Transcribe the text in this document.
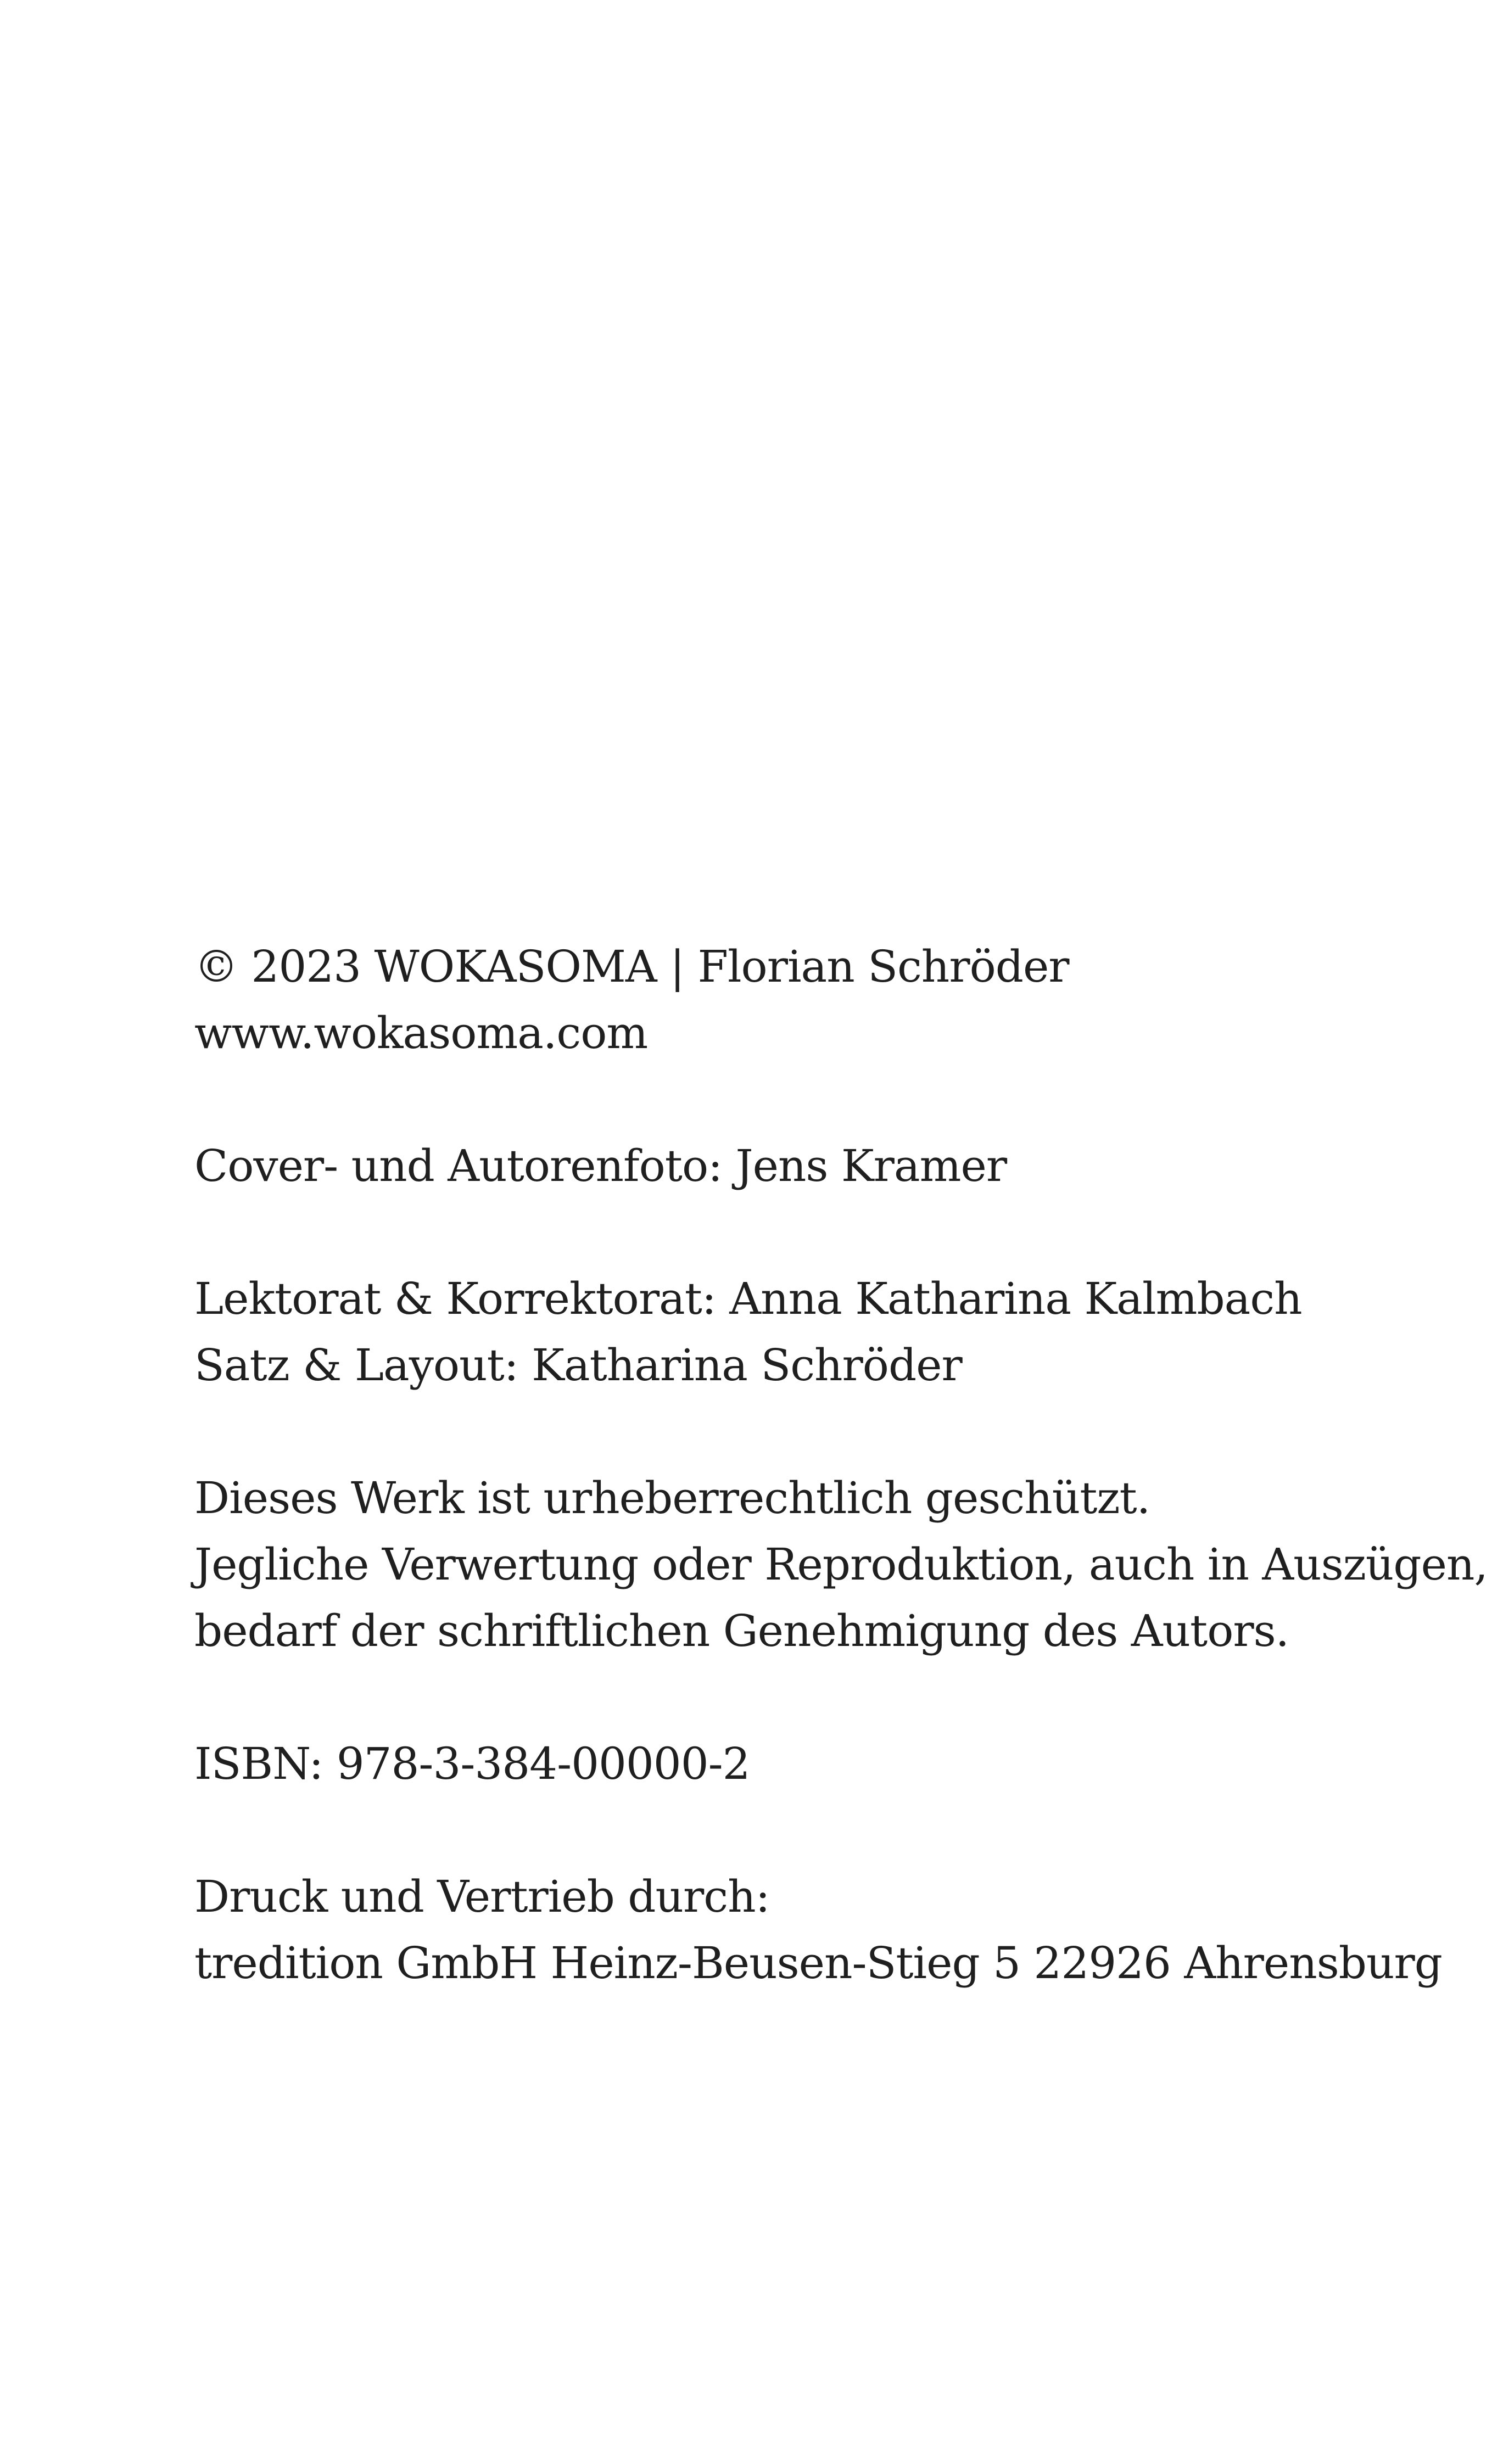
© 2023 WOKASOMA | Florian Schröder
www.wokasoma.com
Cover- und Autorenfoto: Jens Kramer
Lektorat & Korrektorat: Anna Katharina Kalmbach
Satz & Layout: Katharina Schröder
Dieses Werk ist urheberrechtlich geschützt.
Jegliche Verwertung oder Reproduktion, auch in Auszügen,
bedarf der schriftlichen Genehmigung des Autors.
ISBN: 978-3-384-00000-2
Druck und Vertrieb durch:
tredition GmbH Heinz-Beusen-Stieg 5 22926 Ahrensburg
